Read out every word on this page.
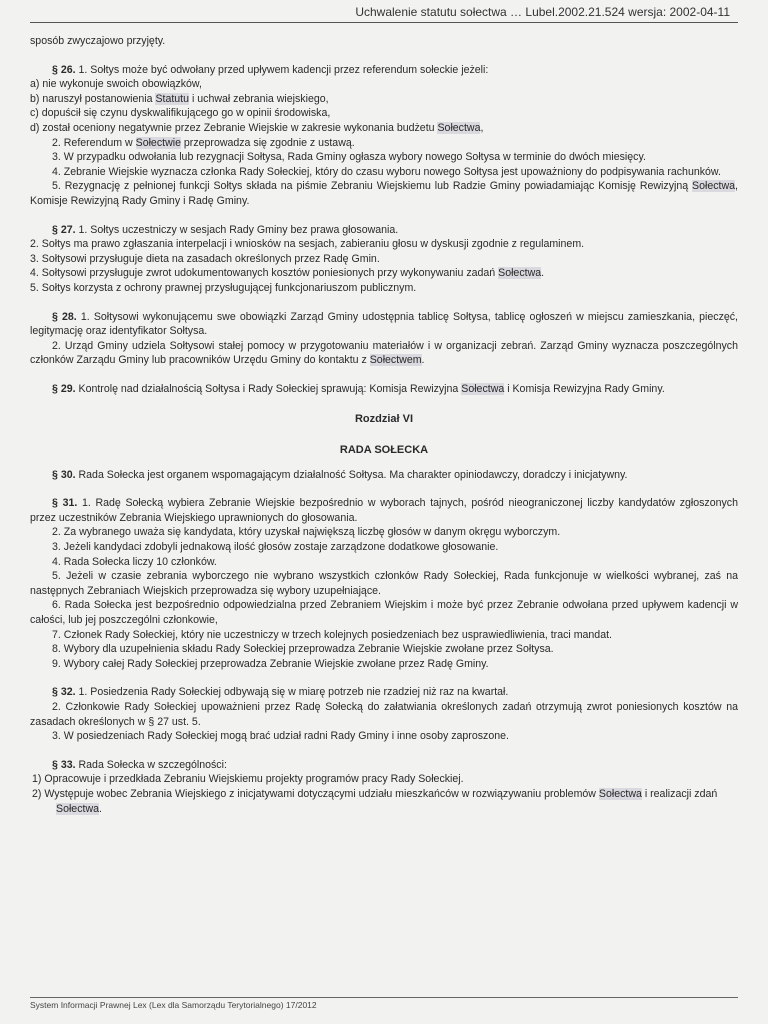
Uchwalenie statutu sołectwa … Lubel.2002.21.524 wersja: 2002-04-11

sposób zwyczajowo przyjęty.

§ 26. 1. Sołtys może być odwołany przed upływem kadencji przez referendum sołeckie jeżeli:

a) nie wykonuje swoich obowiązków,

b) naruszył postanowienia Statutu i uchwał zebrania wiejskiego,

c) dopuścił się czynu dyskwalifikującego go w opinii środowiska,

d) został oceniony negatywnie przez Zebranie Wiejskie w zakresie wykonania budżetu Sołectwa,

2. Referendum w Sołectwie przeprowadza się zgodnie z ustawą.

3. W przypadku odwołania lub rezygnacji Sołtysa, Rada Gminy ogłasza wybory nowego Sołtysa w terminie do dwóch miesięcy.

4. Zebranie Wiejskie wyznacza członka Rady Sołeckiej, który do czasu wyboru nowego Sołtysa jest upoważniony do podpisywania rachunków.

5. Rezygnację z pełnionej funkcji Sołtys składa na piśmie Zebraniu Wiejskiemu lub Radzie Gminy powiadamiając Komisję Rewizyjną Sołectwa, Komisje Rewizyjną Rady Gminy i Radę Gminy.

§ 27. 1. Sołtys uczestniczy w sesjach Rady Gminy bez prawa głosowania.

2. Sołtys ma prawo zgłaszania interpelacji i wniosków na sesjach, zabieraniu głosu w dyskusji zgodnie z regulaminem.

3. Sołtysowi przysługuje dieta na zasadach określonych przez Radę Gmin.

4. Sołtysowi przysługuje zwrot udokumentowanych kosztów poniesionych przy wykonywaniu zadań Sołectwa.

5. Sołtys korzysta z ochrony prawnej przysługującej funkcjonariuszom publicznym.

§ 28. 1. Sołtysowi wykonującemu swe obowiązki Zarząd Gminy udostępnia tablicę Sołtysa, tablicę ogłoszeń w miejscu zamieszkania, pieczęć, legitymację oraz identyfikator Sołtysa.

2. Urząd Gminy udziela Sołtysowi stałej pomocy w przygotowaniu materiałów i w organizacji zebrań. Zarząd Gminy wyznacza poszczególnych członków Zarządu Gminy lub pracowników Urzędu Gminy do kontaktu z Sołectwem.

§ 29. Kontrolę nad działalnością Sołtysa i Rady Sołeckiej sprawują: Komisja Rewizyjna Sołectwa i Komisja Rewizyjna Rady Gminy.

Rozdział VI

RADA SOŁECKA

§ 30. Rada Sołecka jest organem wspomagającym działalność Sołtysa. Ma charakter opiniodawczy, doradczy i inicjatywny.

§ 31. 1. Radę Sołecką wybiera Zebranie Wiejskie bezpośrednio w wyborach tajnych, pośród nieograniczonej liczby kandydatów zgłoszonych przez uczestników Zebrania Wiejskiego uprawnionych do głosowania.

2. Za wybranego uważa się kandydata, który uzyskał największą liczbę głosów w danym okręgu wyborczym.

3. Jeżeli kandydaci zdobyli jednakową ilość głosów zostaje zarządzone dodatkowe głosowanie.

4. Rada Sołecka liczy 10 członków.

5. Jeżeli w czasie zebrania wyborczego nie wybrano wszystkich członków Rady Sołeckiej, Rada funkcjonuje w wielkości wybranej, zaś na następnych Zebraniach Wiejskich przeprowadza się wybory uzupełniające.

6. Rada Sołecka jest bezpośrednio odpowiedzialna przed Zebraniem Wiejskim i może być przez Zebranie odwołana przed upływem kadencji w całości, lub jej poszczególni członkowie,

7. Członek Rady Sołeckiej, który nie uczestniczy w trzech kolejnych posiedzeniach bez usprawiedliwienia, traci mandat.

8. Wybory dla uzupełnienia składu Rady Sołeckiej przeprowadza Zebranie Wiejskie zwołane przez Sołtysa.

9. Wybory całej Rady Sołeckiej przeprowadza Zebranie Wiejskie zwołane przez Radę Gminy.

§ 32. 1. Posiedzenia Rady Sołeckiej odbywają się w miarę potrzeb nie rzadziej niż raz na kwartał.

2. Członkowie Rady Sołeckiej upoważnieni przez Radę Sołecką do załatwiania określonych zadań otrzymują zwrot poniesionych kosztów na zasadach określonych w § 27 ust. 5.

3. W posiedzeniach Rady Sołeckiej mogą brać udział radni Rady Gminy i inne osoby zaproszone.

§ 33. Rada Sołecka w szczególności:

1) Opracowuje i przedkłada Zebraniu Wiejskiemu projekty programów pracy Rady Sołeckiej.

2) Występuje wobec Zebrania Wiejskiego z inicjatywami dotyczącymi udziału mieszkańców w rozwiązywaniu problemów Sołectwa i realizacji zdań Sołectwa.

System Informacji Prawnej Lex (Lex dla Samorządu Terytorialnego) 17/2012
